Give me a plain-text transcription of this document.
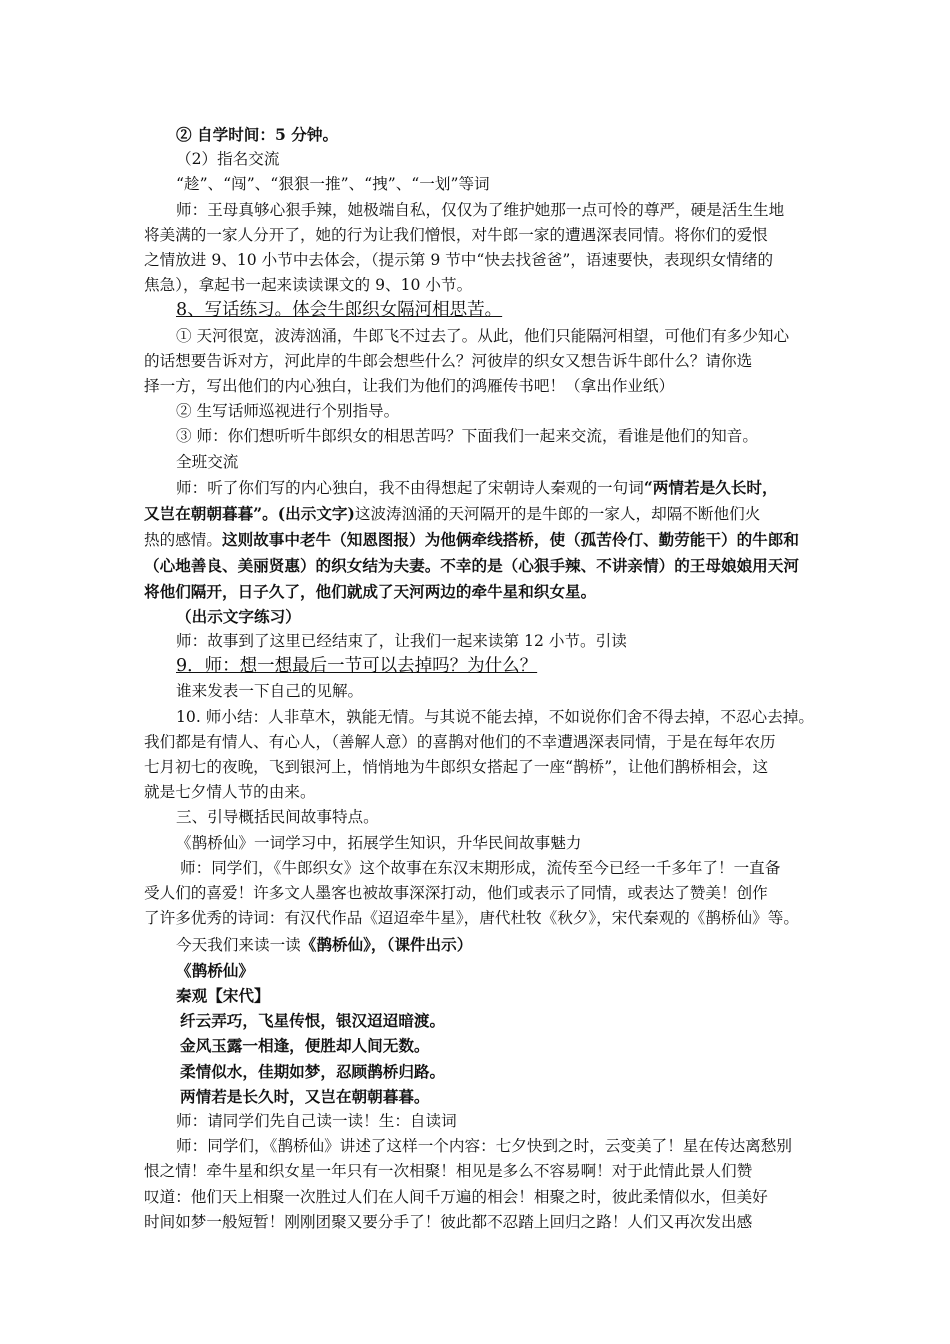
② 自学时间：5 分钟。

（2）指名交流

“趁”、“闯”、“狠狠一推”、“拽”、“一划”等词

师：王母真够心狠手辣，她极端自私，仅仅为了维护她那一点可怜的尊严，硬是活生生地

将美满的一家人分开了，她的行为让我们憎恨，对牛郎一家的遭遇深表同情。将你们的爱恨

之情放进 9、10 小节中去体会，（提示第 9 节中“快去找爸爸”，语速要快，表现织女情绪的

焦急），拿起书一起来读读课文的 9、10 小节。

8、写话练习。体会牛郎织女隔河相思苦。

① 天河很宽，波涛汹涌，牛郎飞不过去了。从此，他们只能隔河相望，可他们有多少知心

的话想要告诉对方，河此岸的牛郎会想些什么？河彼岸的织女又想告诉牛郎什么？请你选

择一方，写出他们的内心独白，让我们为他们的鸿雁传书吧！（拿出作业纸）

② 生写话师巡视进行个别指导。

③ 师：你们想听听牛郎织女的相思苦吗？下面我们一起来交流，看谁是他们的知音。

全班交流

师：听了你们写的内心独白，我不由得想起了宋朝诗人秦观的一句词“两情若是久长时，

又岂在朝朝暮暮”。(出示文字)这波涛汹涌的天河隔开的是牛郎的一家人，却隔不断他们火

热的感情。这则故事中老牛（知恩图报）为他俩牵线搭桥，使（孤苦伶仃、勤劳能干）的牛郎和

（心地善良、美丽贤惠）的织女结为夫妻。不幸的是（心狠手辣、不讲亲情）的王母娘娘用天河

将他们隔开，日子久了，他们就成了天河两边的牵牛星和织女星。

（出示文字练习）

师：故事到了这里已经结束了，让我们一起来读第 12 小节。引读

9．师：想一想最后一节可以去掉吗？为什么？

谁来发表一下自己的见解。

10. 师小结：人非草木，孰能无情。与其说不能去掉，不如说你们舍不得去掉，不忍心去掉。

我们都是有情人、有心人，（善解人意）的喜鹊对他们的不幸遭遇深表同情，于是在每年农历

七月初七的夜晚，飞到银河上，悄悄地为牛郎织女搭起了一座“鹊桥”，让他们鹊桥相会，这

就是七夕情人节的由来。

三、引导概括民间故事特点。

《鹊桥仙》一词学习中，拓展学生知识，升华民间故事魅力

师：同学们，《牛郎织女》这个故事在东汉末期形成，流传至今已经一千多年了！一直备

受人们的喜爱！许多文人墨客也被故事深深打动，他们或表示了同情，或表达了赞美！创作

了许多优秀的诗词：有汉代作品《迢迢牵牛星》，唐代杜牧《秋夕》，宋代秦观的《鹊桥仙》等。

今天我们来读一读《鹊桥仙》，（课件出示）

《鹊桥仙》

秦观【宋代】

纤云弄巧，飞星传恨，银汉迢迢暗渡。

金风玉露一相逢，便胜却人间无数。

柔情似水，佳期如梦，忍顾鹊桥归路。

两情若是长久时，又岂在朝朝暮暮。

师：请同学们先自己读一读！生：自读词

师：同学们，《鹊桥仙》讲述了这样一个内容：七夕快到之时，云变美了！星在传达离愁别

恨之情！牵牛星和织女星一年只有一次相聚！相见是多么不容易啊！对于此情此景人们赞

叹道：他们天上相聚一次胜过人们在人间千万遍的相会！相聚之时，彼此柔情似水，但美好

时间如梦一般短暂！刚刚团聚又要分手了！彼此都不忍踏上回归之路！人们又再次发出感
